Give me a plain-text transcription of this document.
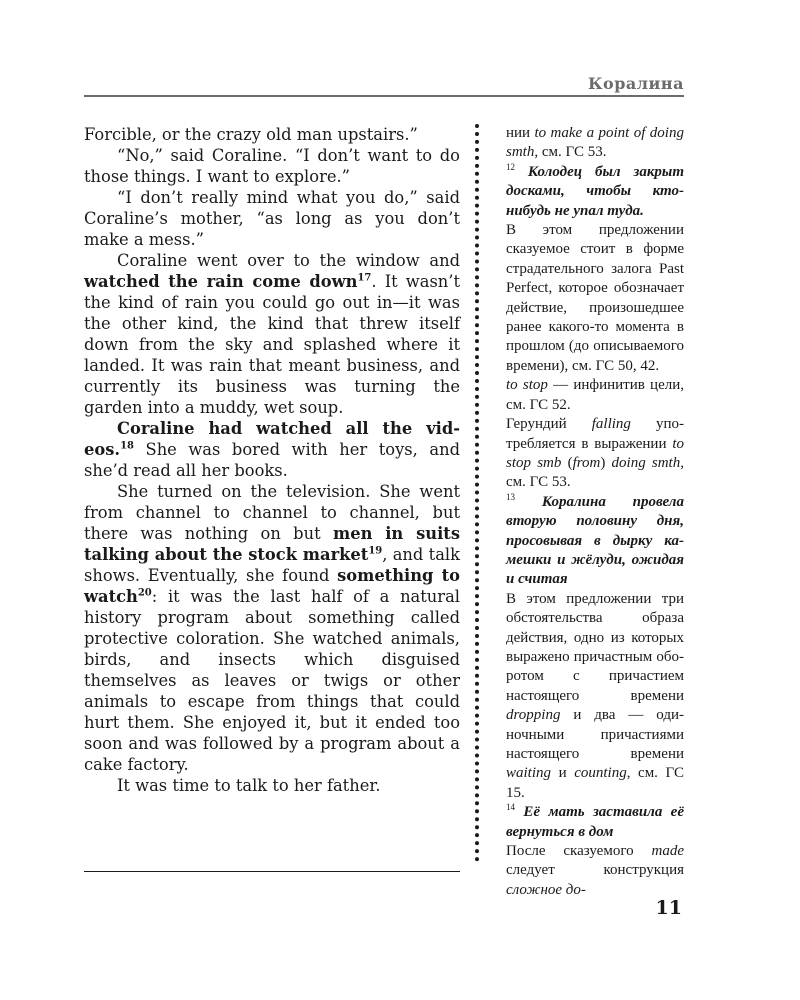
Коралина

Forcible, or the crazy old man upstairs.”

“No,” said Coraline. “I don’t want to do those things. I want to explore.”

“I don’t really mind what you do,” said Coraline’s mother, “as long as you don’t make a mess.”

Coraline went over to the window and watched the rain come down$^{17}$. It wasn’t the kind of rain you could go out in—it was the other kind, the kind that threw itself down from the sky and splashed where it landed. It was rain that meant business, and currently its business was turning the garden into a muddy, wet soup.

Coraline had watched all the videos.$^{18}$ She was bored with her toys, and she’d read all her books.

She turned on the television. She went from channel to channel to channel, but there was nothing on but men in suits talking about the stock market$^{19}$, and talk shows. Eventually, she found something to watch$^{20}$: it was the last half of a natural history program about something called protective coloration. She watched animals, birds, and insects which disguised themselves as leaves or twigs or other animals to escape from things that could hurt them. She enjoyed it, but it ended too soon and was followed by a program about a cake factory.

It was time to talk to her father.

нии to make a point of doing smth, см. ГС 53.

$^{12}$ Колодец был закрыт досками, чтобы кто-нибудь не упал туда.

В этом предложении сказуемое стоит в форме страдательного залога Past Perfect, которое обозначает действие, произошедшее ранее какого-то момента в прошлом (до описываемого времени), см. ГС 50, 42.

to stop — инфинитив цели, см. ГС 52.

Герундий falling употребляется в выражении to stop smb (from) doing smth, см. ГС 53.

$^{13}$ Коралина провела вторую половину дня, просовывая в дырку камешки и жёлуди, ожидая и считая

В этом предложении три обстоятельства образа действия, одно из которых выражено причастным оборотом с причастием настоящего времени dropping и два — одиночными причастиями настоящего времени waiting и counting, см. ГС 15.

$^{14}$ Её мать заставила её вернуться в дом

После сказуемого made следует конструкция сложное до-

11
